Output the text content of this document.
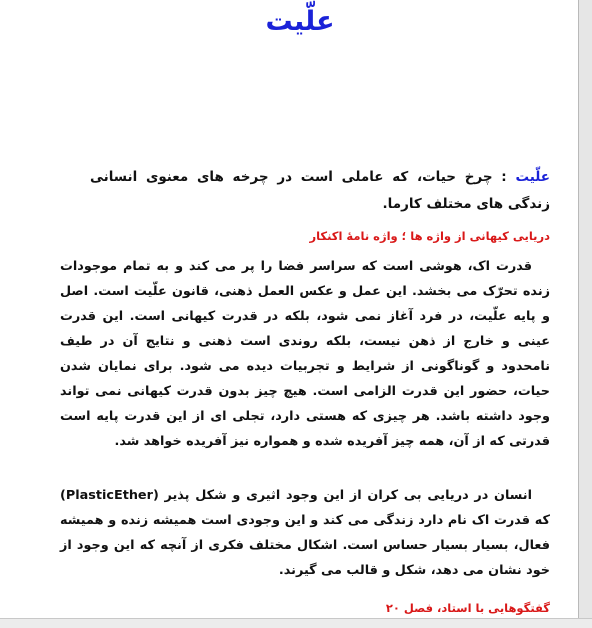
علّیت

علّیت : چرخ حیات، که عاملی است در چرخه های معنوی انسانی زندگی های مختلف کارما.

دریایی کیهانی از واژه ها ؛ واژه نامهٔ اکنکار

قدرت اک، هوشی است که سراسر فضا را پر می کند و به تمام موجودات زنده تحرّک می بخشد. این عمل و عکس العمل ذهنی، قانون علّیت است. اصل و پایه علّیت، در فرد آغاز نمی شود، بلکه در قدرت کیهانی است. این قدرت عینی و خارج از ذهن نیست، بلکه روندی است ذهنی و نتایج آن در طیف نامحدود و گوناگونی از شرایط و تجربیات دیده می شود. برای نمایان شدن حیات، حضور این قدرت الزامی است. هیچ چیز بدون قدرت کیهانی نمی تواند وجود داشته باشد. هر چیزی که هستی دارد، تجلی ای از این قدرت پایه است قدرتی که از آن، همه چیز آفریده شده و همواره نیز آفریده خواهد شد.

انسان در دریایی بی کران از این وجود اثیری و شکل پذیر (PlasticEther) که قدرت اک نام دارد زندگی می کند و این وجودی است همیشه زنده و همیشه فعال، بسیار بسیار حساس است. اشکال مختلف فکری از آنچه که این وجود از خود نشان می دهد، شکل و قالب می گیرند.

گفتگوهایی با استاد، فصل ۲۰
